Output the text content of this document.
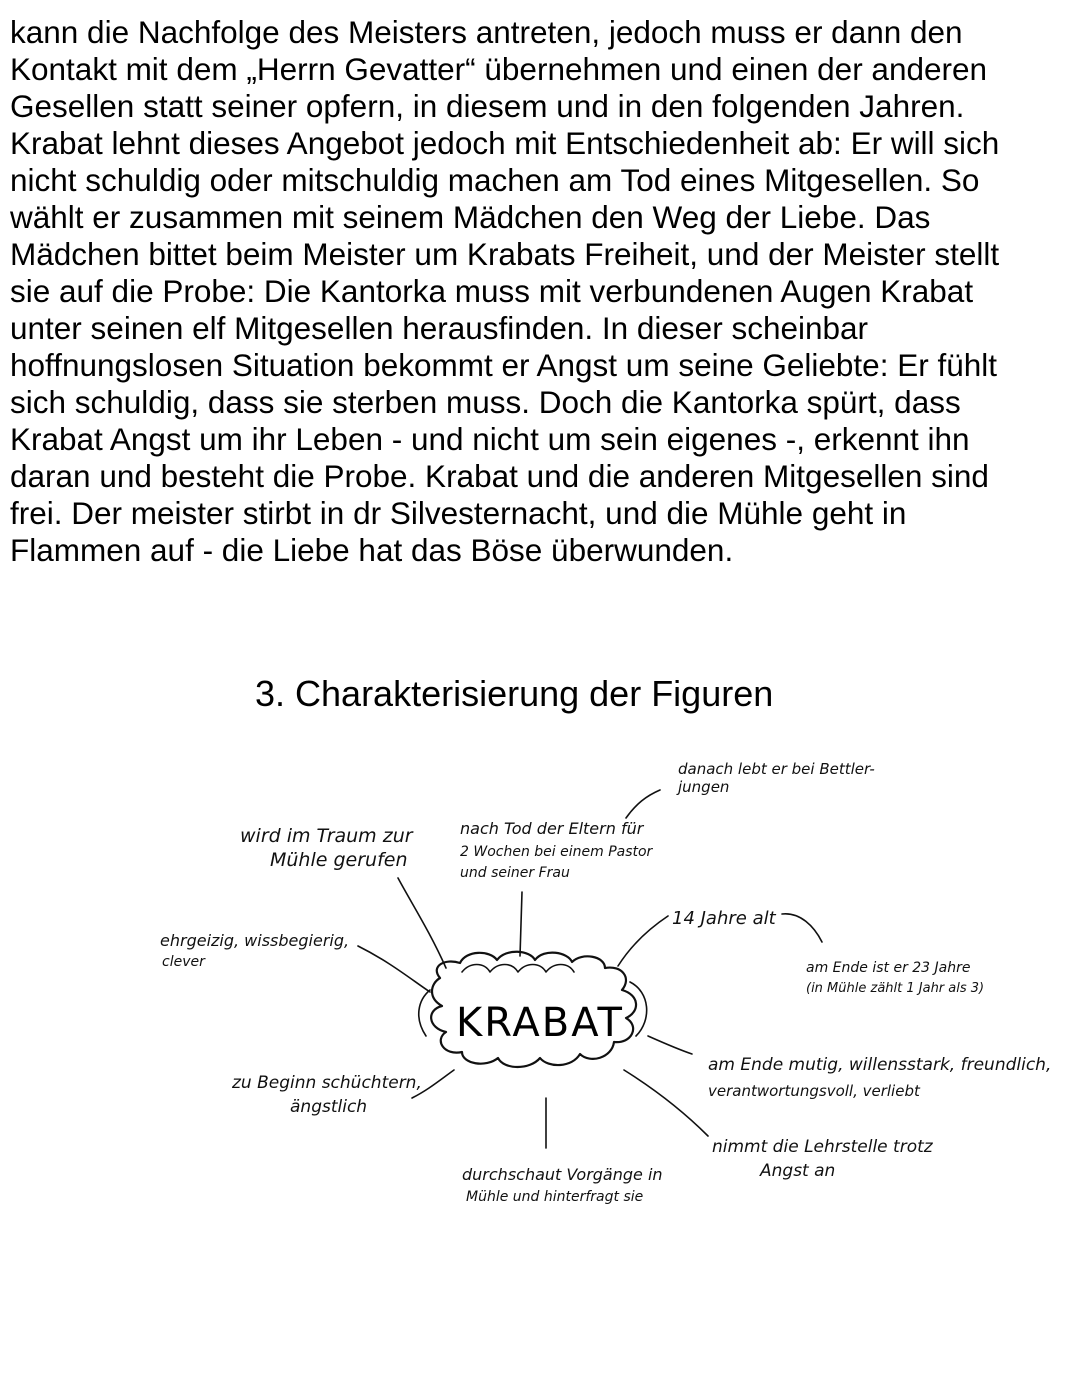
kann die Nachfolge des Meisters antreten, jedoch muss er dann den
Kontakt mit dem „Herrn Gevatter“ übernehmen und einen der anderen
Gesellen statt seiner opfern, in diesem und in den folgenden Jahren.
Krabat lehnt dieses Angebot jedoch mit Entschiedenheit ab: Er will sich
nicht schuldig oder mitschuldig machen am Tod eines Mitgesellen. So
wählt er zusammen mit seinem Mädchen den Weg der Liebe. Das
Mädchen bittet beim Meister um Krabats Freiheit, und der Meister stellt
sie auf die Probe: Die Kantorka muss mit verbundenen Augen Krabat
unter seinen elf Mitgesellen herausfinden. In dieser scheinbar
hoffnungslosen Situation bekommt er Angst um seine Geliebte: Er fühlt
sich schuldig, dass sie sterben muss. Doch die Kantorka spürt, dass
Krabat Angst um ihr Leben - und nicht um sein eigenes -, erkennt ihn
daran und besteht die Probe. Krabat und die anderen Mitgesellen sind
frei. Der meister stirbt in dr Silvesternacht, und die Mühle geht in
Flammen auf - die Liebe hat das Böse überwunden.
3. Charakterisierung der Figuren
KRABAT
wird im Traum zur
Mühle gerufen
nach Tod der Eltern für
2 Wochen bei einem Pastor
und seiner Frau
danach lebt er bei Bettler-
jungen
ehrgeizig, wissbegierig,
clever
14 Jahre alt
am Ende ist er 23 Jahre
(in Mühle zählt 1 Jahr als 3)
zu Beginn schüchtern,
ängstlich
am Ende mutig, willensstark, freundlich,
verantwortungsvoll, verliebt
nimmt die Lehrstelle trotz
Angst an
durchschaut Vorgänge in
Mühle und hinterfragt sie
